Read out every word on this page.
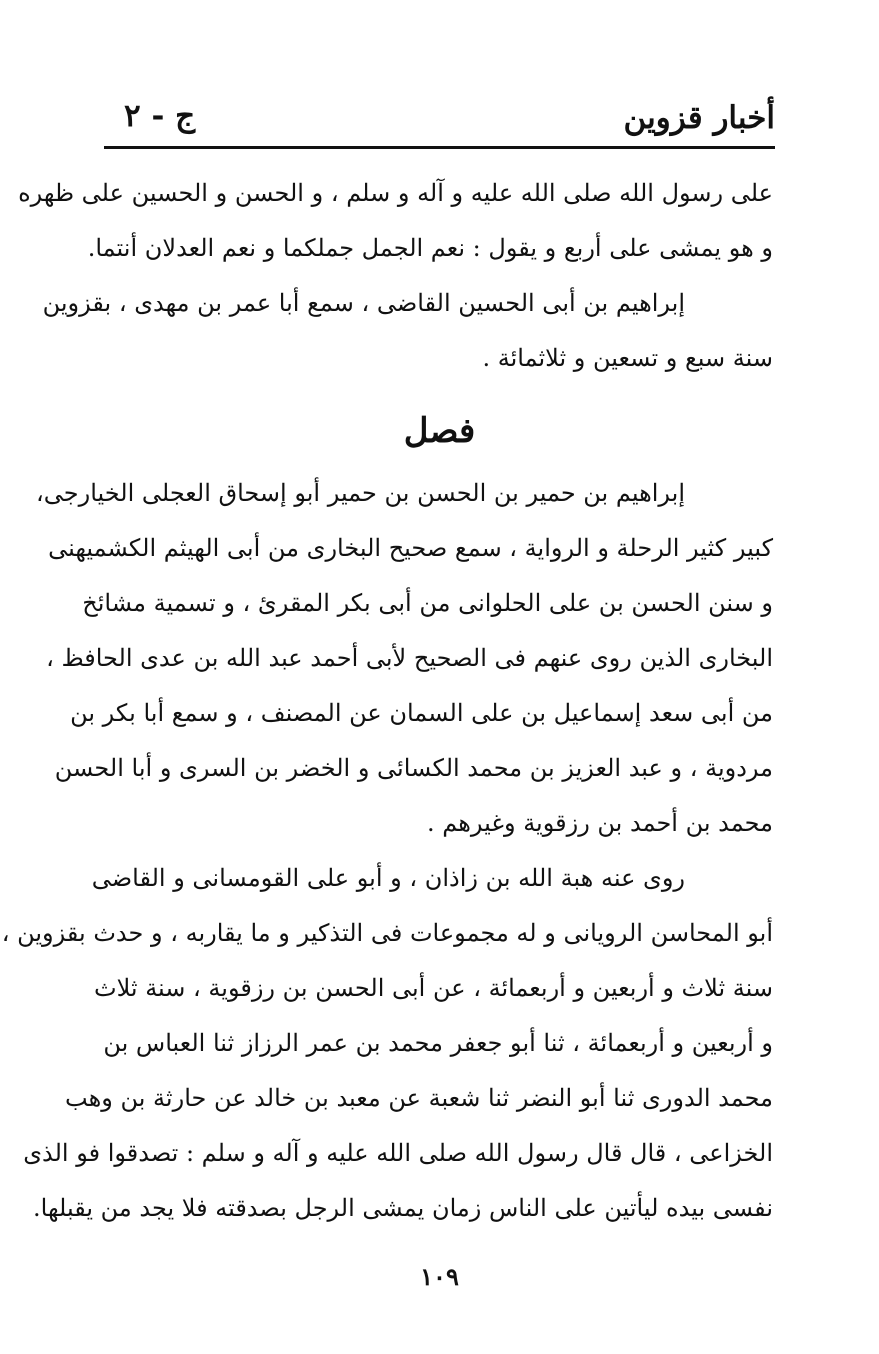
أخبار قزوين
ج - ٢
على رسول الله صلى الله عليه و آله و سلم ، و الحسن و الحسين على ظهره
و هو يمشى على أربع و يقول : نعم الجمل جملكما و نعم العدلان أنتما.
إبراهيم بن أبى الحسين القاضى ، سمع أبا عمر بن مهدى ، بقزوين
سنة سبع و تسعين و ثلاثمائة .
فصل
إبراهيم بن حمير بن الحسن بن حمير أبو إسحاق العجلى الخيارجى،
كبير كثير الرحلة و الرواية ، سمع صحيح البخارى من أبى الهيثم الكشميهنى
و سنن الحسن بن على الحلوانى من أبى بكر المقرئ ، و تسمية مشائخ
البخارى الذين روى عنهم فى الصحيح لأبى أحمد عبد الله بن عدى الحافظ ،
من أبى سعد إسماعيل بن على السمان عن المصنف ، و سمع أبا بكر بن
مردوية ، و عبد العزيز بن محمد الكسائى و الخضر بن السرى و أبا الحسن
محمد بن أحمد بن رزقوية وغيرهم .
روى عنه هبة الله بن زاذان ، و أبو على القومسانى و القاضى
أبو المحاسن الرويانى و له مجموعات فى التذكير و ما يقاربه ، و حدث بقزوين ،
سنة ثلاث و أربعين و أربعمائة ، عن أبى الحسن بن رزقوية ، سنة ثلاث
و أربعين و أربعمائة ، ثنا أبو جعفر محمد بن عمر الرزاز ثنا العباس بن
محمد الدورى ثنا أبو النضر ثنا شعبة عن معبد بن خالد عن حارثة بن وهب
الخزاعى ، قال قال رسول الله صلى الله عليه و آله و سلم : تصدقوا فو الذى
نفسى بيده ليأتين على الناس زمان يمشى الرجل بصدقته فلا يجد من يقبلها.
١٠٩
